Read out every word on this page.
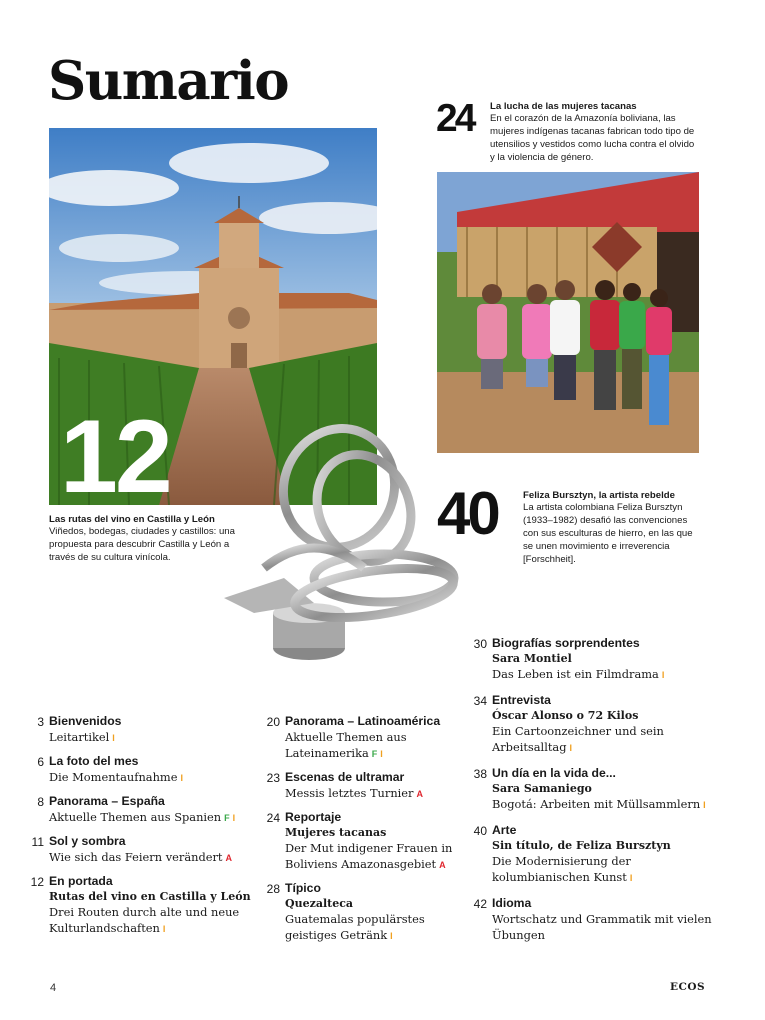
Sumario
12
Las rutas del vino en Castilla y León
Viñedos, bodegas, ciudades y castillos: una propuesta para descubrir Castilla y León a través de su cultura vinícola.
24 La lucha de las mujeres tacanas
En el corazón de la Amazonía boliviana, las mujeres indígenas tacanas fabrican todo tipo de utensilios y vestidos como lucha contra el olvido y la violencia de género.
40	Feliza Bursztyn, la artista rebelde
La artista colombiana Feliza Bursztyn (1933–1982) desafió las convenciones con sus esculturas de hierro, en las que se unen movimiento e irreverencia [Forschheit].
3 Bienvenidos
Leitartikel I
6 La foto del mes
Die Momentaufnahme I
8 Panorama – España
Aktuelle Themen aus Spanien F I
11 Sol y sombra
Wie sich das Feiern verändert A
12 En portada
Rutas del vino en Castilla y León
Drei Routen durch alte und neue
Kulturlandschaften I
20 Panorama – Latinoamérica
Aktuelle Themen aus
Lateinamerika F I
23 Escenas de ultramar
Messis letztes Turnier A
24 Reportaje
Mujeres tacanas
Der Mut indigener Frauen in
Boliviens Amazonasgebiet A
28 Típico
Quezalteca
Guatemalas populärstes
geistiges Getränk I
30 Biografías sorprendentes
Sara Montiel
Das Leben ist ein Filmdrama I
34 Entrevista
Óscar Alonso o 72 Kilos
Ein Cartoonzeichner und sein
Arbeitsalltag I
38 Un día en la vida de...
Sara Samaniego
Bogotá: Arbeiten mit Müllsammlern I
40 Arte
Sin título, de Feliza Bursztyn
Die Modernisierung der
kolumbianischen Kunst I
42 Idioma
Wortschatz und Grammatik mit vielen
Übungen
4	ECOS
